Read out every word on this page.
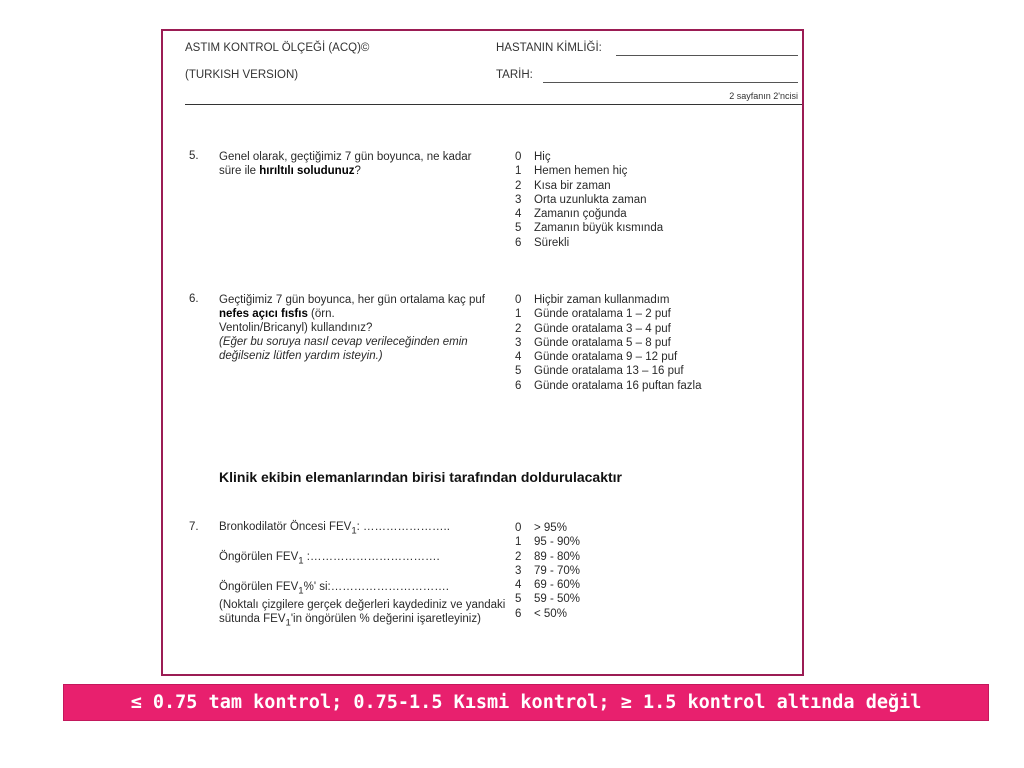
ASTIM KONTROL ÖLÇEĞİ (ACQ)©
(TURKISH VERSION)
HASTANIN KİMLİĞİ:
TARİH:
2 sayfanın 2'ncisi
5. Genel olarak, geçtiğimiz 7 gün boyunca, ne kadar süre ile hırıltılı soludunuz?
0 Hiç
1 Hemen hemen hiç
2 Kısa bir zaman
3 Orta uzunlukta zaman
4 Zamanın çoğunda
5 Zamanın büyük kısmında
6 Sürekli
6. Geçtiğimiz 7 gün boyunca, her gün ortalama kaç puf nefes açıcı fısfıs (örn.
Ventolin/Bricanyl) kullandınız?
(Eğer bu soruya nasıl cevap verileceğinden emin değilseniz lütfen yardım isteyin.)
0 Hiçbir zaman kullanmadım
1 Günde oratalama 1 – 2 puf
2 Günde oratalama 3 – 4 puf
3 Günde oratalama 5 – 8 puf
4 Günde oratalama 9 – 12 puf
5 Günde oratalama 13 – 16 puf
6 Günde oratalama 16 puftan fazla
Klinik ekibin elemanlarından birisi tarafından doldurulacaktır
7. Bronkodilatör Öncesi $FEV_1$: …………………..
Öngörülen $FEV_1$ :…………………………….
Öngörülen $FEV_1\%'$ si:………………………….
(Noktalı çizgilere gerçek değerleri kaydediniz ve yandaki sütunda $FEV_1'in$ öngörülen % değerini işaretleyiniz)
0 > 95%
1 95 - 90%
2 89 - 80%
3 79 - 70%
4 69 - 60%
5 59 - 50%
6 < 50%
≤ 0.75 tam kontrol; 0.75-1.5 Kısmi kontrol; ≥ 1.5 kontrol altında değil
